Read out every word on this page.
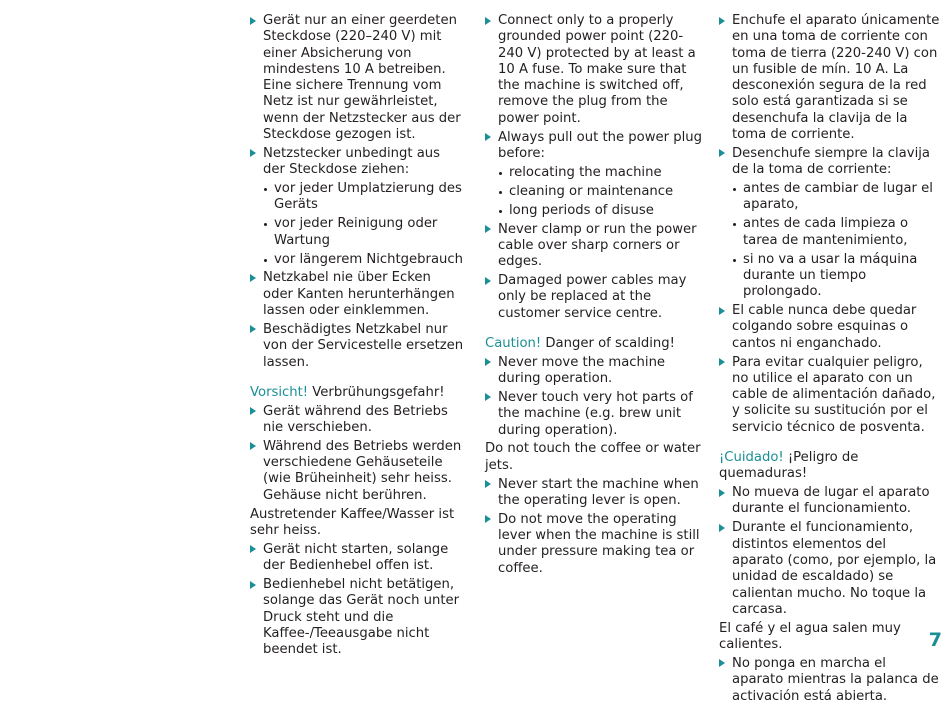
Gerät nur an einer geerdeten Steckdose (220–240 V) mit einer Absicherung von mindestens 10 A betreiben. Eine sichere Trennung vom Netz ist nur gewährleistet, wenn der Netzstecker aus der Steckdose gezogen ist.
Netzstecker unbedingt aus der Steckdose ziehen:
vor jeder Umplatzierung des Geräts
vor jeder Reinigung oder Wartung
vor längerem Nichtgebrauch
Netzkabel nie über Ecken oder Kanten herunterhängen lassen oder einklemmen.
Beschädigtes Netzkabel nur von der Servicestelle ersetzen lassen.
Vorsicht! Verbrühungsgefahr!
Gerät während des Betriebs nie verschieben.
Während des Betriebs werden verschiedene Gehäuseteile (wie Brüheinheit) sehr heiss. Gehäuse nicht berühren.
Austretender Kaffee/Wasser ist sehr heiss.
Gerät nicht starten, solange der Bedienhebel offen ist.
Bedienhebel nicht betätigen, solange das Gerät noch unter Druck steht und die Kaffee-/Teeausgabe nicht beendet ist.
Connect only to a properly grounded power point (220-240 V) protected by at least a 10 A fuse. To make sure that the machine is switched off, remove the plug from the power point.
Always pull out the power plug before:
relocating the machine
cleaning or maintenance
long periods of disuse
Never clamp or run the power cable over sharp corners or edges.
Damaged power cables may only be replaced at the customer service centre.
Caution! Danger of scalding!
Never move the machine during operation.
Never touch very hot parts of the machine (e.g. brew unit during operation).
Do not touch the coffee or water jets.
Never start the machine when the operating lever is open.
Do not move the operating lever when the machine is still under pressure making tea or coffee.
Enchufe el aparato únicamente en una toma de corriente con toma de tierra (220-240 V) con un fusible de mín. 10 A. La desconexión segura de la red solo está garantizada si se desenchufa la clavija de la toma de corriente.
Desenchufe siempre la clavija de la toma de corriente:
antes de cambiar de lugar el aparato,
antes de cada limpieza o tarea de mantenimiento,
si no va a usar la máquina durante un tiempo prolongado.
El cable nunca debe quedar colgando sobre esquinas o cantos ni enganchado.
Para evitar cualquier peligro, no utilice el aparato con un cable de alimentación dañado, y solicite su sustitución por el servicio técnico de posventa.
¡Cuidado! ¡Peligro de quemaduras!
No mueva de lugar el aparato durante el funcionamiento.
Durante el funcionamiento, distintos elementos del aparato (como, por ejemplo, la unidad de escaldado) se calientan mucho. No toque la carcasa.
El café y el agua salen muy calientes.
No ponga en marcha el aparato mientras la palanca de activación está abierta.
7
